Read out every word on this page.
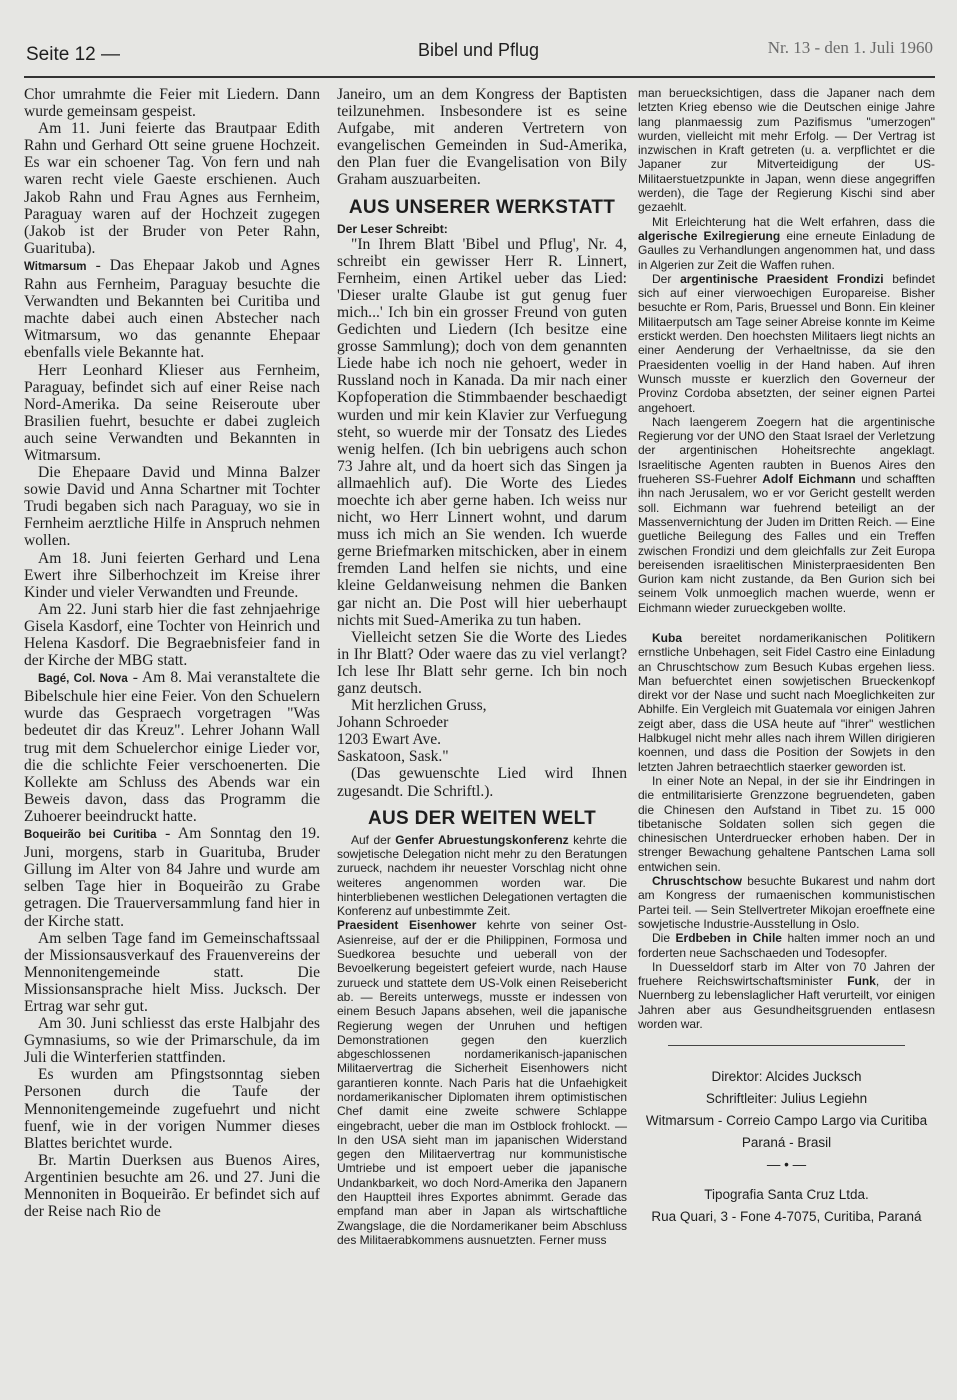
Seite 12 —	Bibel und Pflug	Nr. 13 - den 1. Juli 1960

Chor umrahmte die Feier mit Liedern. Dann wurde gemeinsam gespeist.

Am 11. Juni feierte das Brautpaar Edith Rahn und Gerhard Ott seine gruene Hochzeit. Es war ein schoener Tag. Von fern und nah waren recht viele Gaeste erschienen. Auch Jakob Rahn und Frau Agnes aus Fernheim, Paraguay waren auf der Hochzeit zugegen (Jakob ist der Bruder von Peter Rahn, Guarituba).

Witmarsum - Das Ehepaar Jakob und Agnes Rahn aus Fernheim, Paraguay besuchte die Verwandten und Bekannten bei Curitiba und machte dabei auch einen Abstecher nach Witmarsum, wo das genannte Ehepaar ebenfalls viele Bekannte hat.

Herr Leonhard Klieser aus Fernheim, Paraguay, befindet sich auf einer Reise nach Nord-Amerika. Da seine Reiseroute uber Brasilien fuehrt, besuchte er dabei zugleich auch seine Verwandten und Bekannten in Witmarsum.

Die Ehepaare David und Minna Balzer sowie David und Anna Schartner mit Tochter Trudi begaben sich nach Paraguay, wo sie in Fernheim aerztliche Hilfe in Anspruch nehmen wollen.

Am 18. Juni feierten Gerhard und Lena Ewert ihre Silberhochzeit im Kreise ihrer Kinder und vieler Verwandten und Freunde.

Am 22. Juni starb hier die fast zehnjaehrige Gisela Kasdorf, eine Tochter von Heinrich und Helena Kasdorf. Die Begraebnisfeier fand in der Kirche der MBG statt.

Bagé, Col. Nova - Am 8. Mai veranstaltete die Bibelschule hier eine Feier. Von den Schuelern wurde das Gespraech vorgetragen "Was bedeutet dir das Kreuz". Lehrer Johann Wall trug mit dem Schuelerchor einige Lieder vor, die die schlichte Feier verschoenerten. Die Kollekte am Schluss des Abends war ein Beweis davon, dass das Programm die Zuhoerer beeindruckt hatte.

Boqueirão bei Curitiba - Am Sonntag den 19. Juni, morgens, starb in Guarituba, Bruder Gillung im Alter von 84 Jahre und wurde am selben Tage hier in Boqueirão zu Grabe getragen. Die Trauerversammlung fand hier in der Kirche statt.

Am selben Tage fand im Gemeinschaftssaal der Missionsausverkauf des Frauenvereins der Mennonitengemeinde statt. Die Missionsansprache hielt Miss. Jucksch. Der Ertrag war sehr gut.

Am 30. Juni schliesst das erste Halbjahr des Gymnasiums, so wie der Primarschule, da im Juli die Winterferien stattfinden.

Es wurden am Pfingstsonntag sieben Personen durch die Taufe der Mennonitengemeinde zugefuehrt und nicht fuenf, wie in der vorigen Nummer dieses Blattes berichtet wurde.

Br. Martin Duerksen aus Buenos Aires, Argentinien besuchte am 26. und 27. Juni die Mennoniten in Boqueirão. Er befindet sich auf der Reise nach Rio de

Janeiro, um an dem Kongress der Baptisten teilzunehmen. Insbesondere ist es seine Aufgabe, mit anderen Vertretern von evangelischen Gemeinden in Sud-Amerika, den Plan fuer die Evangelisation von Bily Graham auszuarbeiten.

AUS UNSERER WERKSTATT

Der Leser Schreibt:

"In Ihrem Blatt 'Bibel und Pflug', Nr. 4, schreibt ein gewisser Herr R. Linnert, Fernheim, einen Artikel ueber das Lied: 'Dieser uralte Glaube ist gut genug fuer mich...' Ich bin ein grosser Freund von guten Gedichten und Liedern (Ich besitze eine grosse Sammlung); doch von dem genannten Liede habe ich noch nie gehoert, weder in Russland noch in Kanada. Da mir nach einer Kopfoperation die Stimmbaender beschaedigt wurden und mir kein Klavier zur Verfuegung steht, so wuerde mir der Tonsatz des Liedes wenig helfen. (Ich bin uebrigens auch schon 73 Jahre alt, und da hoert sich das Singen ja allmaehlich auf). Die Worte des Liedes moechte ich aber gerne haben. Ich weiss nur nicht, wo Herr Linnert wohnt, und darum muss ich mich an Sie wenden. Ich wuerde gerne Briefmarken mitschicken, aber in einem fremden Land helfen sie nichts, und eine kleine Geldanweisung nehmen die Banken gar nicht an. Die Post will hier ueberhaupt nichts mit Sued-Amerika zu tun haben.

Vielleicht setzen Sie die Worte des Liedes in Ihr Blatt? Oder waere das zu viel verlangt? Ich lese Ihr Blatt sehr gerne. Ich bin noch ganz deutsch.

Mit herzlichen Gruss,

Johann Schroeder

1203 Ewart Ave.

Saskatoon, Sask."

(Das gewuenschte Lied wird Ihnen zugesandt. Die Schriftl.).

AUS DER WEITEN WELT

Auf der Genfer Abruestungskonferenz kehrte die sowjetische Delegation nicht mehr zu den Beratungen zurueck, nachdem ihr neuester Vorschlag nicht ohne weiteres angenommen worden war. Die hinterbliebenen westlichen Delegationen vertagten die Konferenz auf unbestimmte Zeit.

Praesident Eisenhower kehrte von seiner Ost-Asienreise, auf der er die Philippinen, Formosa und Suedkorea besuchte und ueberall von der Bevoelkerung begeistert gefeiert wurde, nach Hause zurueck und stattete dem US-Volk einen Reisebericht ab. — Bereits unterwegs, musste er indessen von einem Besuch Japans absehen, weil die japanische Regierung wegen der Unruhen und heftigen Demonstrationen gegen den kuerzlich abgeschlossenen nordamerikanisch-japanischen Militaervertrag die Sicherheit Eisenhowers nicht garantieren konnte. Nach Paris hat die Unfaehigkeit nordamerikanischer Diplomaten ihrem optimistischen Chef damit eine zweite schwere Schlappe eingebracht, ueber die man im Ostblock frohlockt. — In den USA sieht man im japanischen Widerstand gegen den Militaervertrag nur kommunistische Umtriebe und ist empoert ueber die japanische Undankbarkeit, wo doch Nord-Amerika den Japanern den Hauptteil ihres Exportes abnimmt. Gerade das empfand man aber in Japan als wirtschaftliche Zwangslage, die die Nordamerikaner beim Abschluss des Militaerabkommens ausnuetzten. Ferner muss

man beruecksichtigen, dass die Japaner nach dem letzten Krieg ebenso wie die Deutschen einige Jahre lang planmaessig zum Pazifismus "umerzogen" wurden, vielleicht mit mehr Erfolg. — Der Vertrag ist inzwischen in Kraft getreten (u. a. verpflichtet er die Japaner zur Mitverteidigung der US-Militaerstuetzpunkte in Japan, wenn diese angegriffen werden), die Tage der Regierung Kischi sind aber gezaehlt.

Mit Erleichterung hat die Welt erfahren, dass die algerische Exilregierung eine erneute Einladung de Gaulles zu Verhandlungen angenommen hat, und dass in Algerien zur Zeit die Waffen ruhen.

Der argentinische Praesident Frondizi befindet sich auf einer vierwoechigen Europareise. Bisher besuchte er Rom, Paris, Bruessel und Bonn. Ein kleiner Militaerputsch am Tage seiner Abreise konnte im Keime erstickt werden. Den hoechsten Militaers liegt nichts an einer Aenderung der Verhaeltnisse, da sie den Praesidenten voellig in der Hand haben. Auf ihren Wunsch musste er kuerzlich den Governeur der Provinz Cordoba absetzten, der seiner eignen Partei angehoert.

Nach laengerem Zoegern hat die argentinische Regierung vor der UNO den Staat Israel der Verletzung der argentinischen Hoheitsrechte angeklagt. Israelitische Agenten raubten in Buenos Aires den frueheren SS-Fuehrer Adolf Eichmann und schafften ihn nach Jerusalem, wo er vor Gericht gestellt werden soll. Eichmann war fuehrend beteiligt an der Massenvernichtung der Juden im Dritten Reich. — Eine guetliche Beilegung des Falles und ein Treffen zwischen Frondizi und dem gleichfalls zur Zeit Europa bereisenden israelitischen Ministerpraesidenten Ben Gurion kam nicht zustande, da Ben Gurion sich bei seinem Volk unmoeglich machen wuerde, wenn er Eichmann wieder zurueckgeben wollte.

Kuba bereitet nordamerikanischen Politikern ernstliche Unbehagen, seit Fidel Castro eine Einladung an Chruschtschow zum Besuch Kubas ergehen liess. Man befuerchtet einen sowjetischen Brueckenkopf direkt vor der Nase und sucht nach Moeglichkeiten zur Abhilfe. Ein Vergleich mit Guatemala vor einigen Jahren zeigt aber, dass die USA heute auf "ihrer" westlichen Halbkugel nicht mehr alles nach ihrem Willen dirigieren koennen, und dass die Position der Sowjets in den letzten Jahren betraechtlich staerker geworden ist.

In einer Note an Nepal, in der sie ihr Eindringen in die entmilitarisierte Grenzzone begruendeten, gaben die Chinesen den Aufstand in Tibet zu. 15 000 tibetanische Soldaten sollen sich gegen die chinesischen Unterdruecker erhoben haben. Der in strenger Bewachung gehaltene Pantschen Lama soll entwichen sein.

Chruschtschow besuchte Bukarest und nahm dort am Kongress der rumaenischen kommunistischen Partei teil. — Sein Stellvertreter Mikojan eroeffnete eine sowjetische Industrie-Ausstellung in Oslo.

Die Erdbeben in Chile halten immer noch an und forderten neue Sachschaeden und Todesopfer.

In Duesseldorf starb im Alter von 70 Jahren der fruehere Reichswirtschaftsminister Funk, der in Nuernberg zu lebenslaglicher Haft verurteilt, vor einigen Jahren aber aus Gesundheitsgruenden entlasesn worden war.

Direktor: Alcides Jucksch
Schriftleiter: Julius Legiehn
Witmarsum - Correio Campo Largo via Curitiba
Paraná - Brasil
— • —
Tipografia Santa Cruz Ltda.
Rua Quari, 3 - Fone 4-7075, Curitiba, Paraná
